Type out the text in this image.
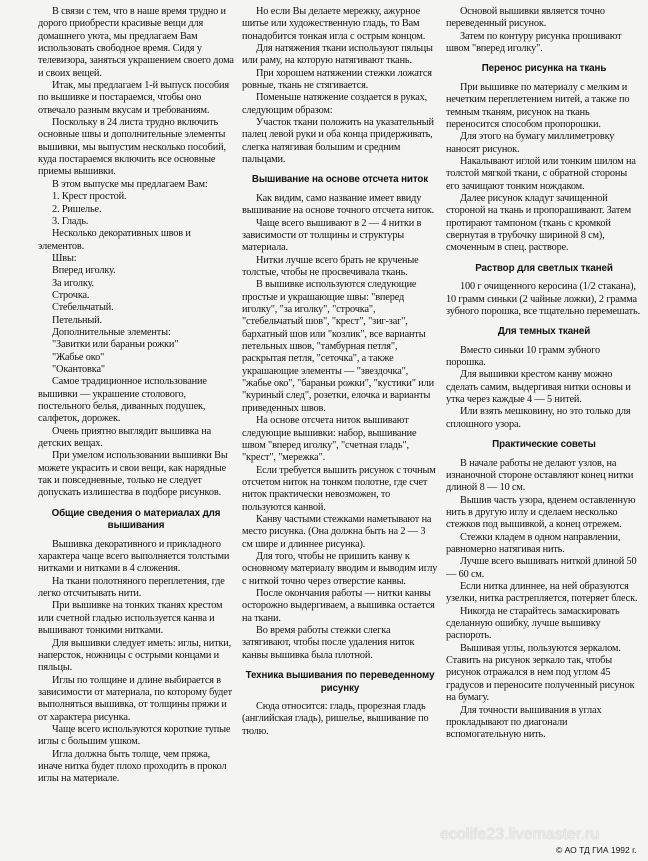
В связи с тем, что в наше время трудно и дорого приобрести красивые вещи для домашнего уюта, мы предлагаем Вам использовать свободное время. Сидя у телевизора, заняться украшением своего дома и своих вещей.

Итак, мы предлагаем 1-й выпуск пособия по вышивке и постараемся, чтобы оно отвечало разным вкусам и требованиям.

Поскольку в 24 листа трудно включить основные швы и дополнительные элементы вышивки, мы выпустим несколько пособий, куда постараемся включить все основные приемы вышивки.

В этом выпуске мы предлагаем Вам:

1. Крест простой.

2. Ришелье.

3. Гладь.

Несколько декоративных швов и элементов.

Швы:

Вперед иголку.

За иголку.

Строчка.

Стебельчатый.

Петельный.

Дополнительные элементы:

"Завитки или бараньи рожки"

"Жабье око"

"Окантовка"

Самое традиционное использование вышивки — украшение столового, постельного белья, диванных подушек, салфеток, дорожек.

Очень приятно выглядит вышивка на детских вещах.

При умелом использовании вышивки Вы можете украсить и свои вещи, как нарядные так и повседневные, только не следует допускать излишества в подборе рисунков.

Общие сведения о материалах для вышивания

Вышивка декоративного и прикладного характера чаще всего выполняется толстыми нитками и нитками в 4 сложения.

На ткани полотняного переплетения, где легко отсчитывать нити.

При вышивке на тонких тканях крестом или счетной гладью используется канва и вышивают тонкими нитками.

Для вышивки следует иметь: иглы, нитки, наперсток, ножницы с острыми концами и пяльцы.

Иглы по толщине и длине выбирается в зависимости от материала, по которому будет выполняться вышивка, от толщины пряжи и от характера рисунка.

Чаще всего используются короткие тупые иглы с большим ушком.

Игла должна быть толще, чем пряжа, иначе нитка будет плохо проходить в прокол иглы на материале.

Но если Вы делаете мережку, ажурное шитье или художественную гладь, то Вам понадобится тонкая игла с острым концом.

Для натяжения ткани используют пяльцы или раму, на которую натягивают ткань.

При хорошем натяжении стежки ложатся ровные, ткань не стягивается.

Поменьше натяжение создается в руках, следующим образом:

Участок ткани положить на указательный палец левой руки и оба конца придерживать, слегка натягивая большим и средним пальцами.

Вышивание на основе отсчета ниток

Как видим, само название имеет ввиду вышивание на основе точного отсчета ниток.

Чаще всего вышивают в 2 — 4 нитки в зависимости от толщины и структуры материала.

Нитки лучше всего брать не крученые толстые, чтобы не просвечивала ткань.

В вышивке используются следующие простые и украшающие швы: "вперед иголку", "за иголку", "строчка", "стебельчатый шов", "крест", "зиг-заг", бархатный шов или "козлик", все варианты петельных швов, "тамбурная петля", раскрытая петля, "сеточка", а также украшающие элементы — "звездочка", "жабье око", "бараньи рожки", "кустики" или "куриный след", розетки, елочка и варианты приведенных швов.

На основе отсчета ниток вышивают следующие вышивки: набор, вышивание швом "вперед иголку", "счетная гладь", "крест", "мережка".

Если требуется вышить рисунок с точным отсчетом ниток на тонком полотне, где счет ниток практически невозможен, то пользуются канвой.

Канву частыми стежками наметывают на место рисунка. (Она должна быть на 2 — 3 см шире и длиннее рисунка).

Для того, чтобы не пришить канву к основному материалу вводим и выводим иглу с ниткой точно через отверстие канвы.

После окончания работы — нитки канвы осторожно выдергиваем, а вышивка остается на ткани.

Во время работы стежки слегка затягивают, чтобы после удаления ниток канвы вышивка была плотной.

Техника вышивания по переведенному рисунку

Сюда относится: гладь, прорезная гладь (английская гладь), ришелье, вышивание по тюлю.

Основой вышивки является точно переведенный рисунок.

Затем по контуру рисунка прошивают швом "вперед иголку".

Перенос рисунка на ткань

При вышивке по материалу с мелким и нечетким переплетением нитей, а также по темным тканям, рисунок на ткань переносится способом пропорошки.

Для этого на бумагу миллиметровку наносят рисунок.

Накалывают иглой или тонким шилом на толстой мягкой ткани, с обратной стороны его зачищают тонким нождаком.

Далее рисунок кладут зачищенной стороной на ткань и пропорашивают. Затем протирают тампоном (ткань с кромкой свернутая в трубочку шириной 8 см), смоченным в спец. растворе.

Раствор для светлых тканей

100 г очищенного керосина (1/2 стакана), 10 грамм синьки (2 чайные ложки), 2 грамма зубного порошка, все тщательно перемешать.

Для темных тканей

Вместо синьки 10 грамм зубного порошка.

Для вышивки крестом канву можно сделать самим, выдергивая нитки основы и утка через каждые 4 — 5 нитей.

Или взять мешковину, но это только для сплошного узора.

Практические советы

В начале работы не делают узлов, на изнаночной стороне оставляют конец нитки длиной 8 — 10 см.

Вышив часть узора, вденем оставленную нить в другую иглу и сделаем несколько стежков под вышивкой, а конец отрежем.

Стежки кладем в одном направлении, равномерно натягивая нить.

Лучше всего вышивать ниткой длиной 50 — 60 см.

Если нитка длиннее, на ней образуются узелки, нитка растрепляется, потеряет блеск.

Никогда не старайтесь замаскировать сделанную ошибку, лучше вышивку распороть.

Вышивая углы, пользуются зеркалом. Ставить на рисунок зеркало так, чтобы рисунок отражался в нем под углом 45 градусов и переносите полученный рисунок на бумагу.

Для точности вышивания в углах прокладывают по диагонали вспомогательную нить.

ecolife23.livemaster.ru
© АО ТД ГИА 1992 г.
